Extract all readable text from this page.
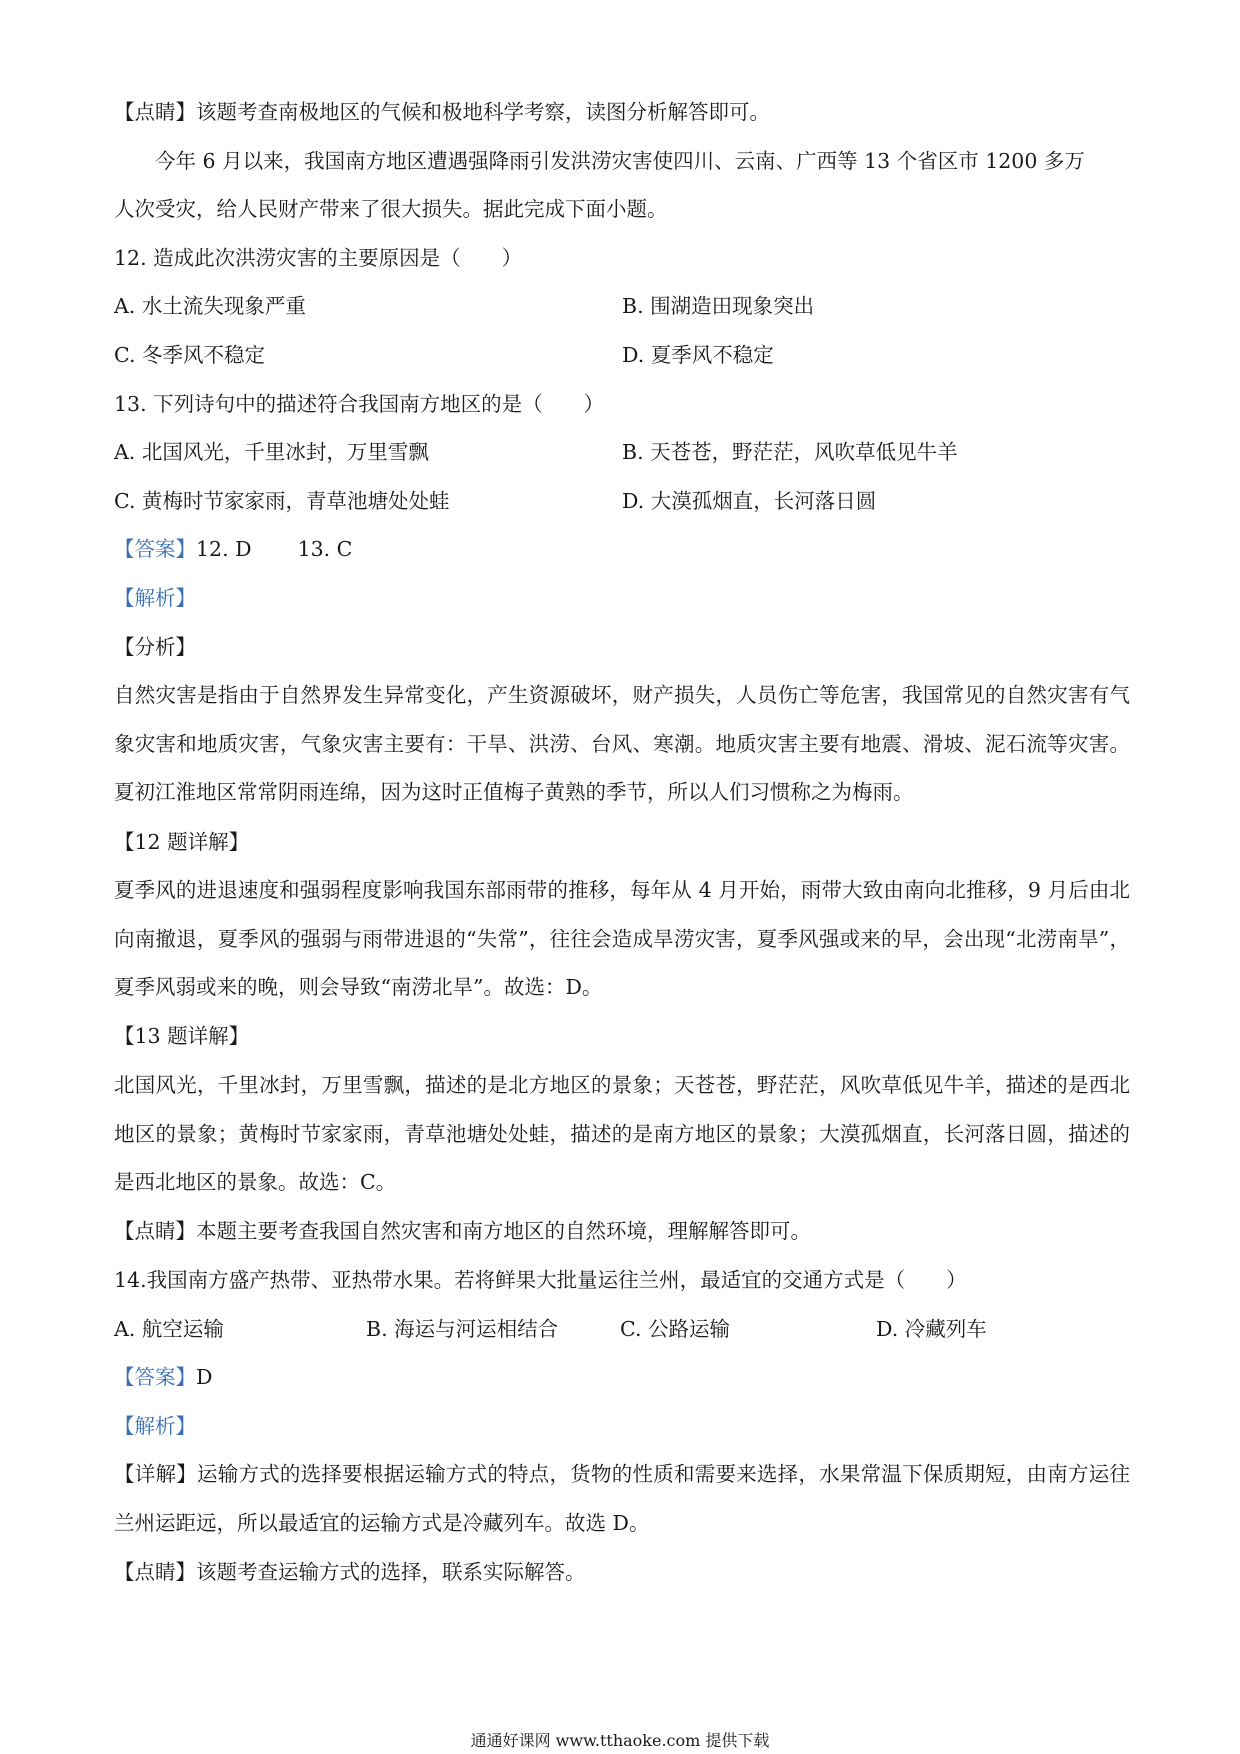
【点睛】该题考查南极地区的气候和极地科学考察，读图分析解答即可。
今年 6 月以来，我国南方地区遭遇强降雨引发洪涝灾害使四川、云南、广西等 13 个省区市 1200 多万
人次受灾，给人民财产带来了很大损失。据此完成下面小题。
12. 造成此次洪涝灾害的主要原因是（　　）
A. 水土流失现象严重	B. 围湖造田现象突出
C. 冬季风不稳定	D. 夏季风不稳定
13. 下列诗句中的描述符合我国南方地区的是（　　）
A. 北国风光，千里冰封，万里雪飘	B. 天苍苍，野茫茫，风吹草低见牛羊
C. 黄梅时节家家雨，青草池塘处处蛙	D. 大漠孤烟直，长河落日圆
【答案】12. D 13. C
【解析】
【分析】
自然灾害是指由于自然界发生异常变化，产生资源破坏，财产损失，人员伤亡等危害，我国常见的自然灾害有气象灾害和地质灾害，气象灾害主要有：干旱、洪涝、台风、寒潮。地质灾害主要有地震、滑坡、泥石流等灾害。夏初江淮地区常常阴雨连绵，因为这时正值梅子黄熟的季节，所以人们习惯称之为梅雨。
【12 题详解】
夏季风的进退速度和强弱程度影响我国东部雨带的推移，每年从 4 月开始，雨带大致由南向北推移，9 月后由北向南撤退，夏季风的强弱与雨带进退的“失常”，往往会造成旱涝灾害，夏季风强或来的早，会出现“北涝南旱”，夏季风弱或来的晚，则会导致“南涝北旱”。故选：D。
【13 题详解】
北国风光，千里冰封，万里雪飘，描述的是北方地区的景象；天苍苍，野茫茫，风吹草低见牛羊，描述的是西北地区的景象；黄梅时节家家雨，青草池塘处处蛙，描述的是南方地区的景象；大漠孤烟直，长河落日圆，描述的是西北地区的景象。故选：C。
【点睛】本题主要考查我国自然灾害和南方地区的自然环境，理解解答即可。
14.我国南方盛产热带、亚热带水果。若将鲜果大批量运往兰州，最适宜的交通方式是（　　）
A. 航空运输	B. 海运与河运相结合	C. 公路运输	D. 冷藏列车
【答案】D
【解析】
【详解】运输方式的选择要根据运输方式的特点，货物的性质和需要来选择，水果常温下保质期短，由南方运往兰州运距远，所以最适宜的运输方式是冷藏列车。故选 D。
【点睛】该题考查运输方式的选择，联系实际解答。
通通好课网 www.tthaoke.com 提供下载
